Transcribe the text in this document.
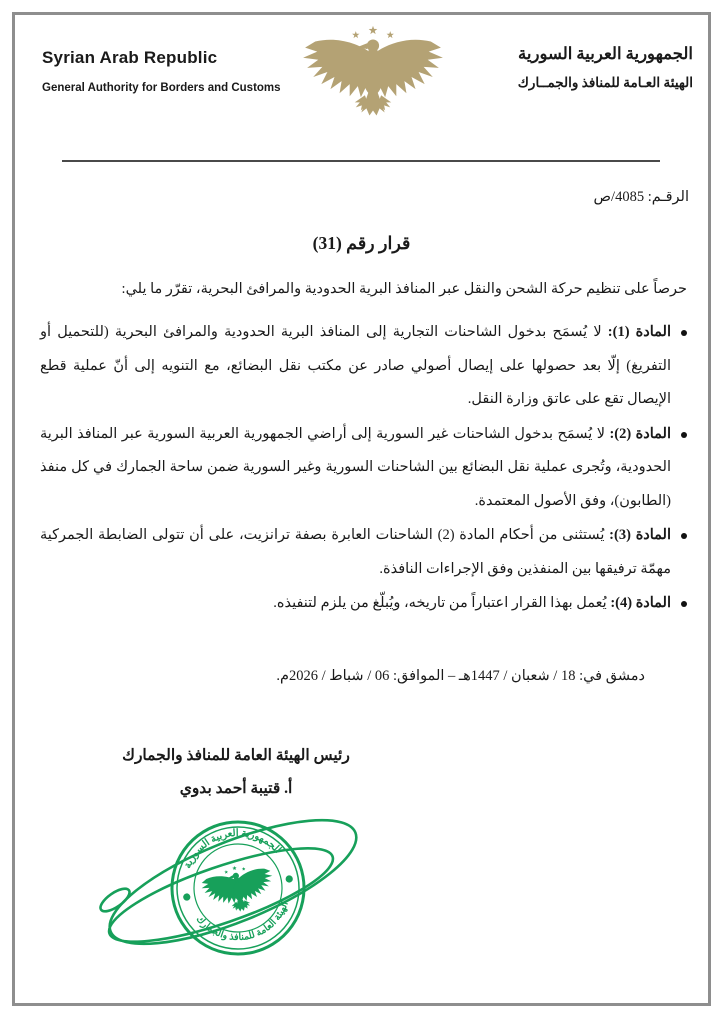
Syrian Arab Republic
General Authority for Borders and Customs
الجمهورية العربية السورية
الهيئة العـامة للمنافذ والجمــارك
الرقـم: 4085/ص
قرار رقم (31)
حرصاً على تنظيم حركة الشحن والنقل عبر المنافذ البرية الحدودية والمرافئ البحرية، تقرّر ما يلي:
المادة (1): لا يُسمَح بدخول الشاحنات التجارية إلى المنافذ البرية الحدودية والمرافئ البحرية (للتحميل أو التفريغ) إلّا بعد حصولها على إيصال أصولي صادر عن مكتب نقل البضائع، مع التنويه إلى أنّ عملية قطع الإيصال تقع على عاتق وزارة النقل.
المادة (2): لا يُسمَح بدخول الشاحنات غير السورية إلى أراضي الجمهورية العربية السورية عبر المنافذ البرية الحدودية، وتُجرى عملية نقل البضائع بين الشاحنات السورية وغير السورية ضمن ساحة الجمارك في كل منفذ (الطابون)، وفق الأصول المعتمدة.
المادة (3): يُستثنى من أحكام المادة (2) الشاحنات العابرة بصفة ترانزيت، على أن تتولى الضابطة الجمركية مهمّة ترفيقها بين المنفذين وفق الإجراءات النافذة.
المادة (4): يُعمل بهذا القرار اعتباراً من تاريخه، ويُبلّغ من يلزم لتنفيذه.
دمشق في: 18 / شعبان / 1447هـ – الموافق: 06 / شباط / 2026م.
رئيس الهيئة العامة للمنافذ والجمارك
أ. قتيبة أحمد بدوي
الجمهورية العربية السورية
الهيئة العامة للمنافذ والجمارك
